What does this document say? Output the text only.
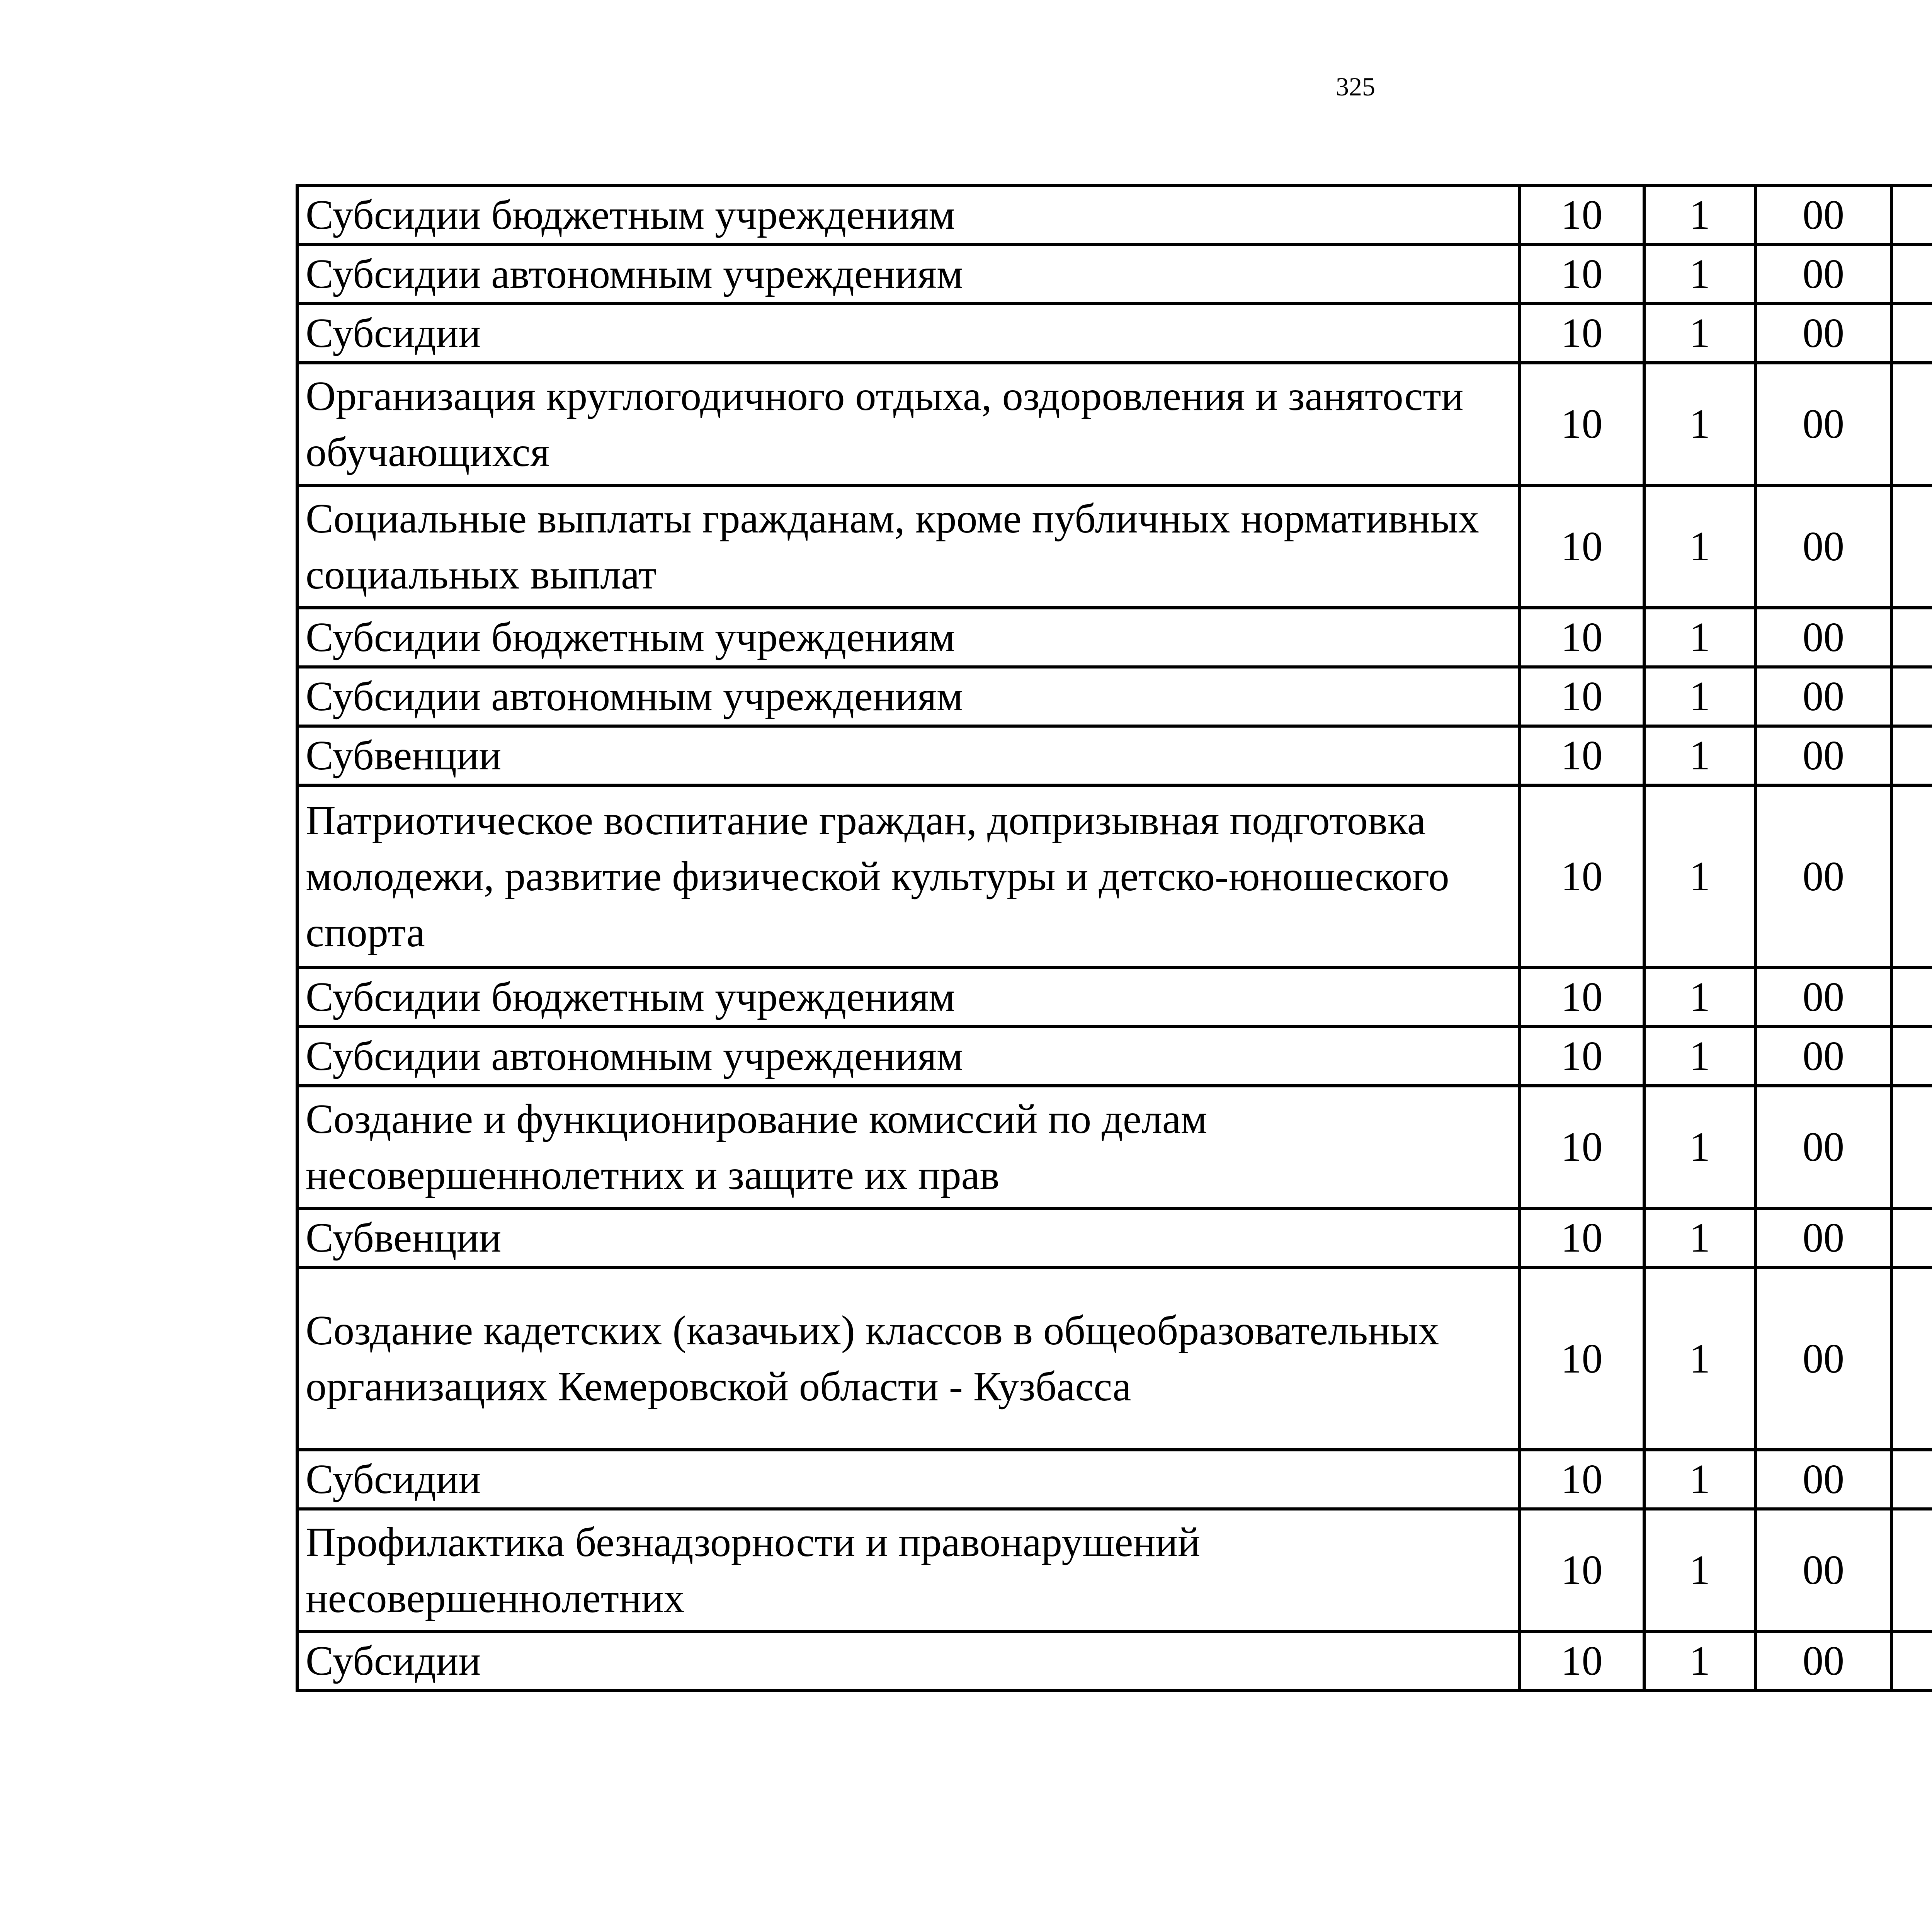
325
Субсидии бюджетным учреждениям	10	1	00			
Субсидии автономным учреждениям	10	1	00			
Субсидии	10	1	00			
Организация круглогодичного отдыха, оздоровления и занятости обучающихся	10	1	00			
Социальные выплаты гражданам, кроме публичных нормативных социальных выплат	10	1	00			
Субсидии бюджетным учреждениям	10	1	00			
Субсидии автономным учреждениям	10	1	00			
Субвенции	10	1	00			
Патриотическое воспитание граждан, допризывная подготовка молодежи, развитие физической культуры и детско-юношеского спорта	10	1	00			
Субсидии бюджетным учреждениям	10	1	00			
Субсидии автономным учреждениям	10	1	00			
Создание и функционирование комиссий по делам несовершеннолетних и защите их прав	10	1	00			
Субвенции	10	1	00			
Создание кадетских (казачьих) классов в общеобразовательных организациях Кемеровской области - Кузбасса	10	1	00			
Субсидии	10	1	00			
Профилактика безнадзорности и правонарушений несовершеннолетних	10	1	00			
Субсидии	10	1	00			
